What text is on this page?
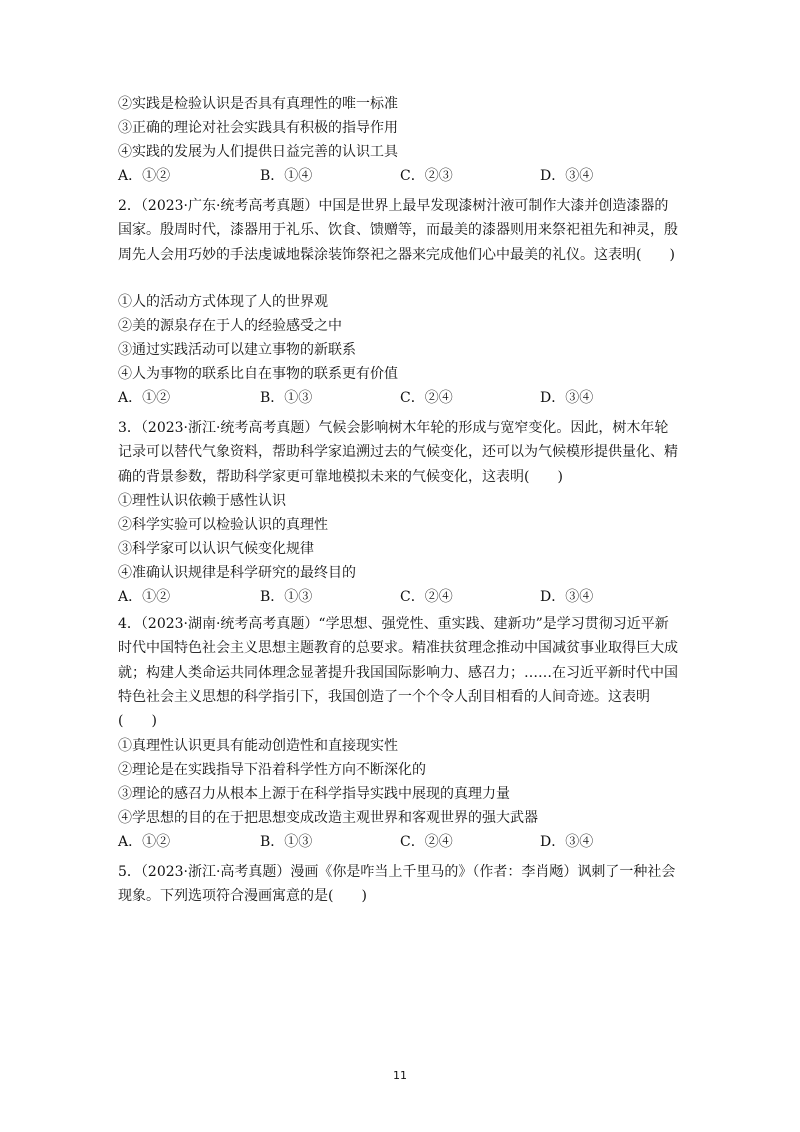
②实践是检验认识是否具有真理性的唯一标准
③正确的理论对社会实践具有积极的指导作用
④实践的发展为人们提供日益完善的认识工具
A．①②	B．①④	C．②③	D．③④
2．（2023·广东·统考高考真题）中国是世界上最早发现漆树汁液可制作大漆并创造漆器的国家。殷周时代，漆器用于礼乐、饮食、馈赠等，而最美的漆器则用来祭祀祖先和神灵，殷周先人会用巧妙的手法虔诚地髹涂装饰祭祀之器来完成他们心中最美的礼仪。这表明(　　)
①人的活动方式体现了人的世界观
②美的源泉存在于人的经验感受之中
③通过实践活动可以建立事物的新联系
④人为事物的联系比自在事物的联系更有价值
A．①②	B．①③	C．②④	D．③④
3．（2023·浙江·统考高考真题）气候会影响树木年轮的形成与宽窄变化。因此，树木年轮记录可以替代气象资料，帮助科学家追溯过去的气候变化，还可以为气候模形提供量化、精确的背景参数，帮助科学家更可靠地模拟未来的气候变化，这表明(　　)
①理性认识依赖于感性认识
②科学实验可以检验认识的真理性
③科学家可以认识气候变化规律
④准确认识规律是科学研究的最终目的
A．①②	B．①③	C．②④	D．③④
4．（2023·湖南·统考高考真题）“学思想、强党性、重实践、建新功”是学习贯彻习近平新时代中国特色社会主义思想主题教育的总要求。精准扶贫理念推动中国减贫事业取得巨大成就；构建人类命运共同体理念显著提升我国国际影响力、感召力；……在习近平新时代中国特色社会主义思想的科学指引下，我国创造了一个个令人刮目相看的人间奇迹。这表明(　　)
①真理性认识更具有能动创造性和直接现实性
②理论是在实践指导下沿着科学性方向不断深化的
③理论的感召力从根本上源于在科学指导实践中展现的真理力量
④学思想的目的在于把思想变成改造主观世界和客观世界的强大武器
A．①②	B．①③	C．②④	D．③④
5．（2023·浙江·高考真题）漫画《你是咋当上千里马的》（作者：李肖飏）讽刺了一种社会现象。下列选项符合漫画寓意的是(　　)
11
